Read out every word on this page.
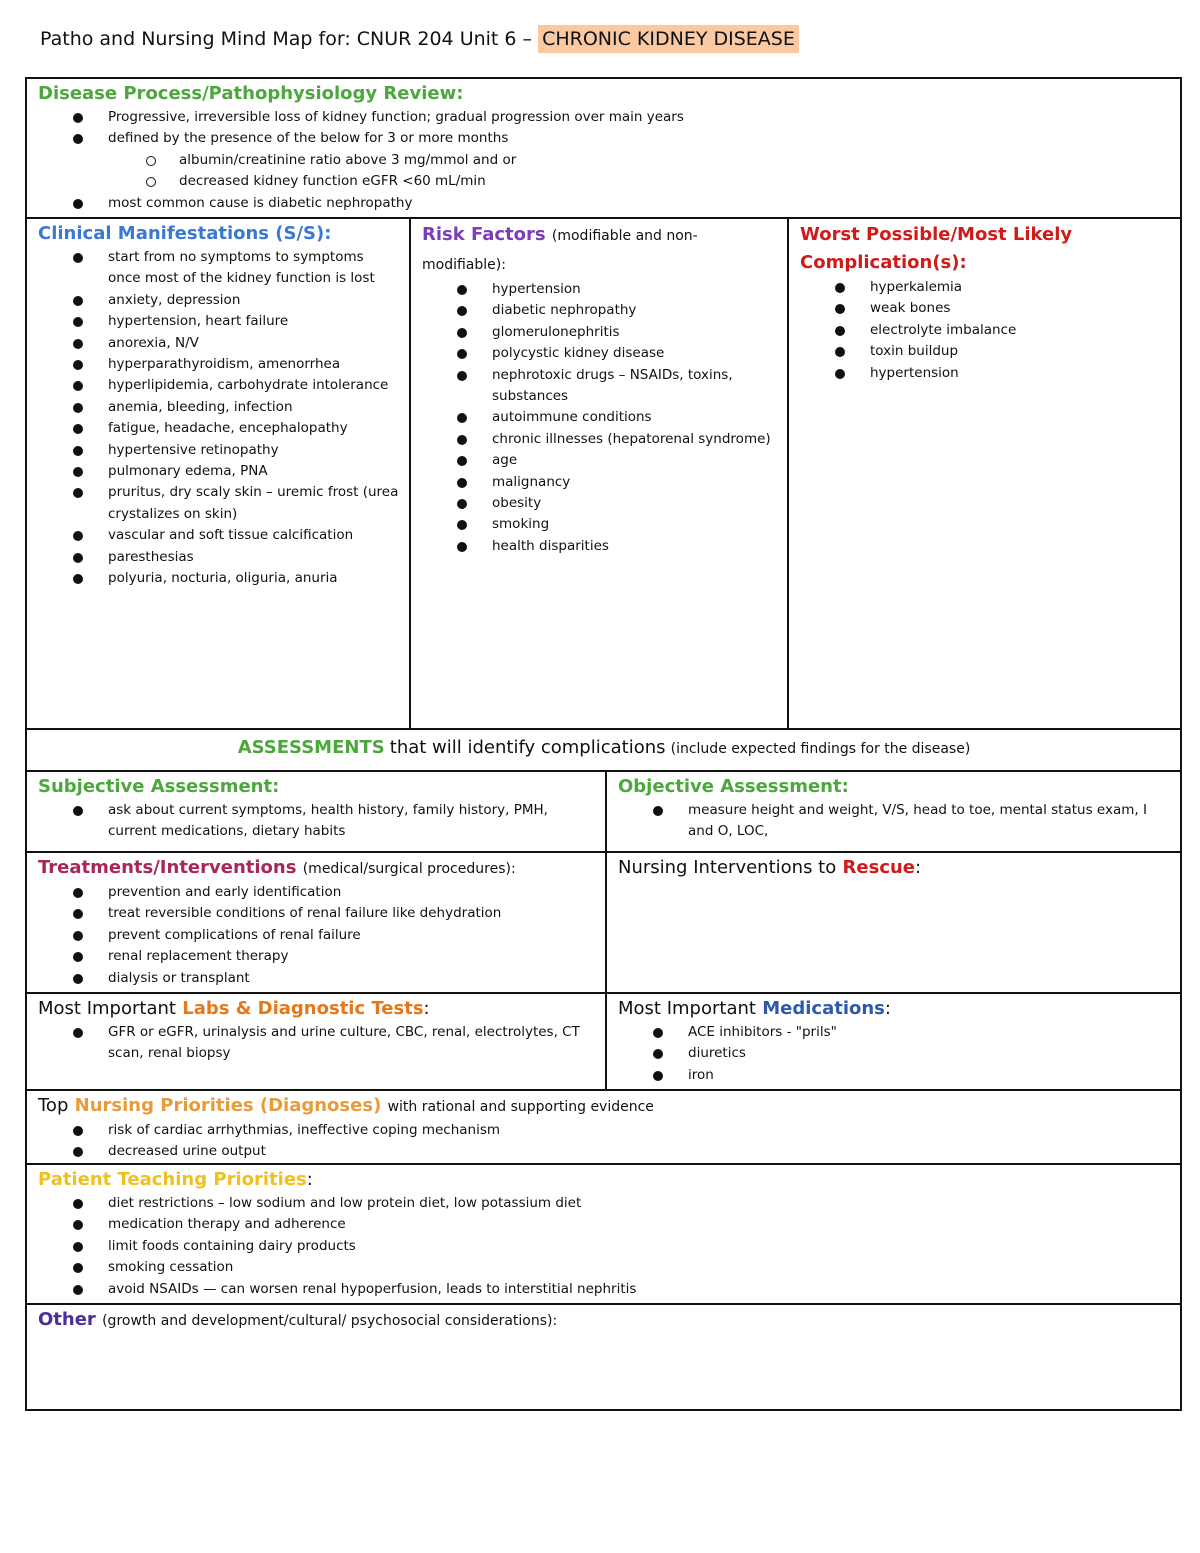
Patho and Nursing Mind Map for: CNUR 204 Unit 6 – CHRONIC KIDNEY DISEASE
Disease Process/Pathophysiology Review:
Progressive, irreversible loss of kidney function; gradual progression over main years
defined by the presence of the below for 3 or more months
albumin/creatinine ratio above 3 mg/mmol and or
decreased kidney function eGFR <60 mL/min
most common cause is diabetic nephropathy
Clinical Manifestations (S/S):
start from no symptoms to symptoms once most of the kidney function is lost
anxiety, depression
hypertension, heart failure
anorexia, N/V
hyperparathyroidism, amenorrhea
hyperlipidemia, carbohydrate intolerance
anemia, bleeding, infection
fatigue, headache, encephalopathy
hypertensive retinopathy
pulmonary edema, PNA
pruritus, dry scaly skin – uremic frost (urea crystalizes on skin)
vascular and soft tissue calcification
paresthesias
polyuria, nocturia, oliguria, anuria
Risk Factors (modifiable and non-modifiable):
hypertension
diabetic nephropathy
glomerulonephritis
polycystic kidney disease
nephrotoxic drugs – NSAIDs, toxins, substances
autoimmune conditions
chronic illnesses (hepatorenal syndrome)
age
malignancy
obesity
smoking
health disparities
Worst Possible/Most Likely Complication(s):
hyperkalemia
weak bones
electrolyte imbalance
toxin buildup
hypertension
ASSESSMENTS that will identify complications (include expected findings for the disease)
Subjective Assessment:
ask about current symptoms, health history, family history, PMH, current medications, dietary habits
Objective Assessment:
measure height and weight, V/S, head to toe, mental status exam, I and O, LOC,
Treatments/Interventions (medical/surgical procedures):
prevention and early identification
treat reversible conditions of renal failure like dehydration
prevent complications of renal failure
renal replacement therapy
dialysis or transplant
Nursing Interventions to Rescue:
Most Important Labs & Diagnostic Tests:
GFR or eGFR, urinalysis and urine culture, CBC, renal, electrolytes, CT scan, renal biopsy
Most Important Medications:
ACE inhibitors - "prils"
diuretics
iron
Top Nursing Priorities (Diagnoses) with rational and supporting evidence
risk of cardiac arrhythmias, ineffective coping mechanism
decreased urine output
Patient Teaching Priorities:
diet restrictions – low sodium and low protein diet, low potassium diet
medication therapy and adherence
limit foods containing dairy products
smoking cessation
avoid NSAIDs — can worsen renal hypoperfusion, leads to interstitial nephritis
Other (growth and development/cultural/ psychosocial considerations):
